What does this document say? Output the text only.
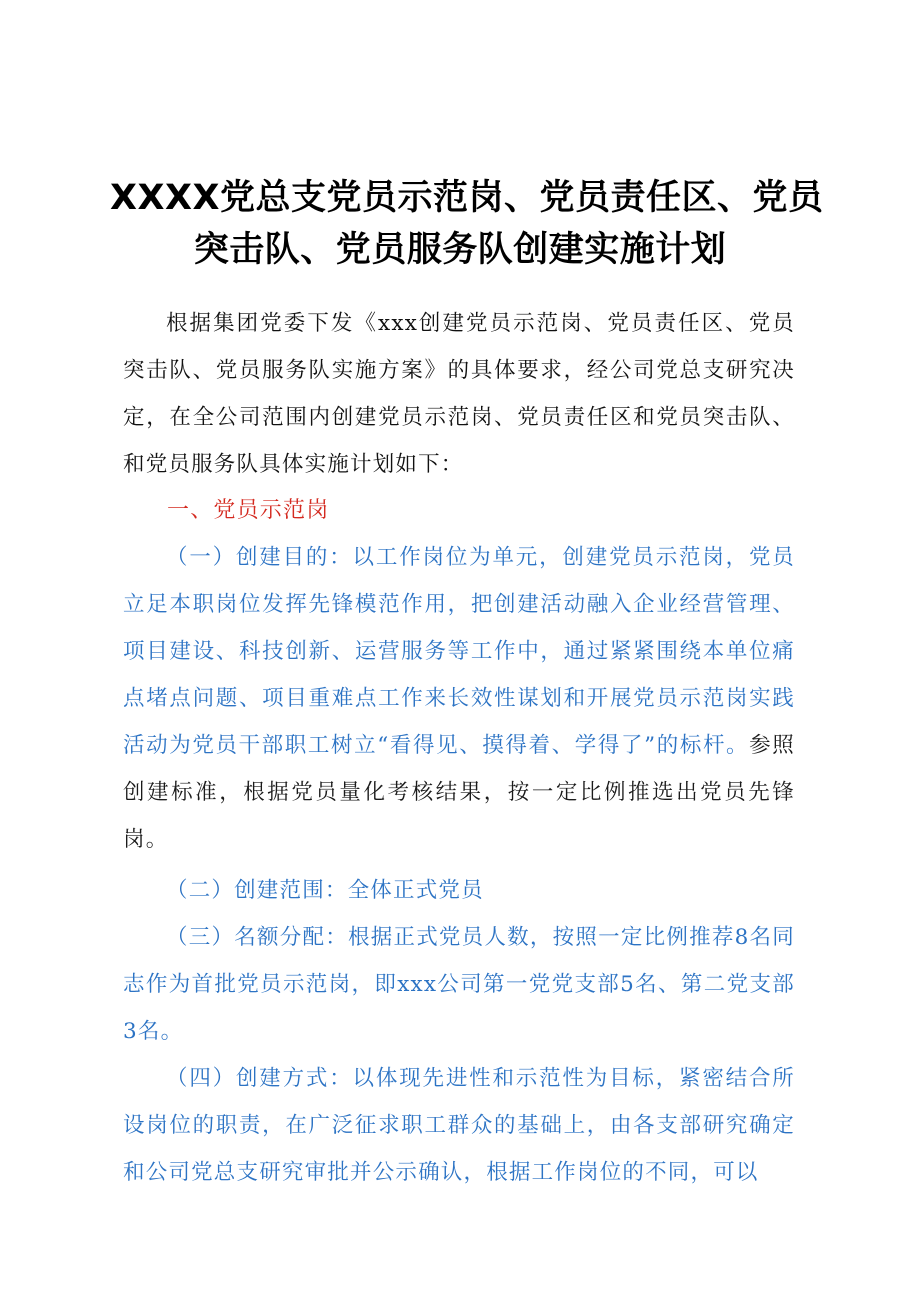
XXXX党总支党员示范岗、党员责任区、党员
突击队、党员服务队创建实施计划

根据集团党委下发《xxx创建党员示范岗、党员责任区、党员突击队、党员服务队实施方案》的具体要求，经公司党总支研究决定，在全公司范围内创建党员示范岗、党员责任区和党员突击队、和党员服务队具体实施计划如下：

一、党员示范岗

（一）创建目的：以工作岗位为单元，创建党员示范岗，党员立足本职岗位发挥先锋模范作用，把创建活动融入企业经营管理、项目建设、科技创新、运营服务等工作中，通过紧紧围绕本单位痛点堵点问题、项目重难点工作来长效性谋划和开展党员示范岗实践活动为党员干部职工树立“看得见、摸得着、学得了”的标杆。参照创建标准，根据党员量化考核结果，按一定比例推选出党员先锋岗。

（二）创建范围：全体正式党员

（三）名额分配：根据正式党员人数，按照一定比例推荐8名同志作为首批党员示范岗，即xxx公司第一党党支部5名、第二党支部3名。

（四）创建方式：以体现先进性和示范性为目标，紧密结合所设岗位的职责，在广泛征求职工群众的基础上，由各支部研究确定和公司党总支研究审批并公示确认，根据工作岗位的不同，可以
